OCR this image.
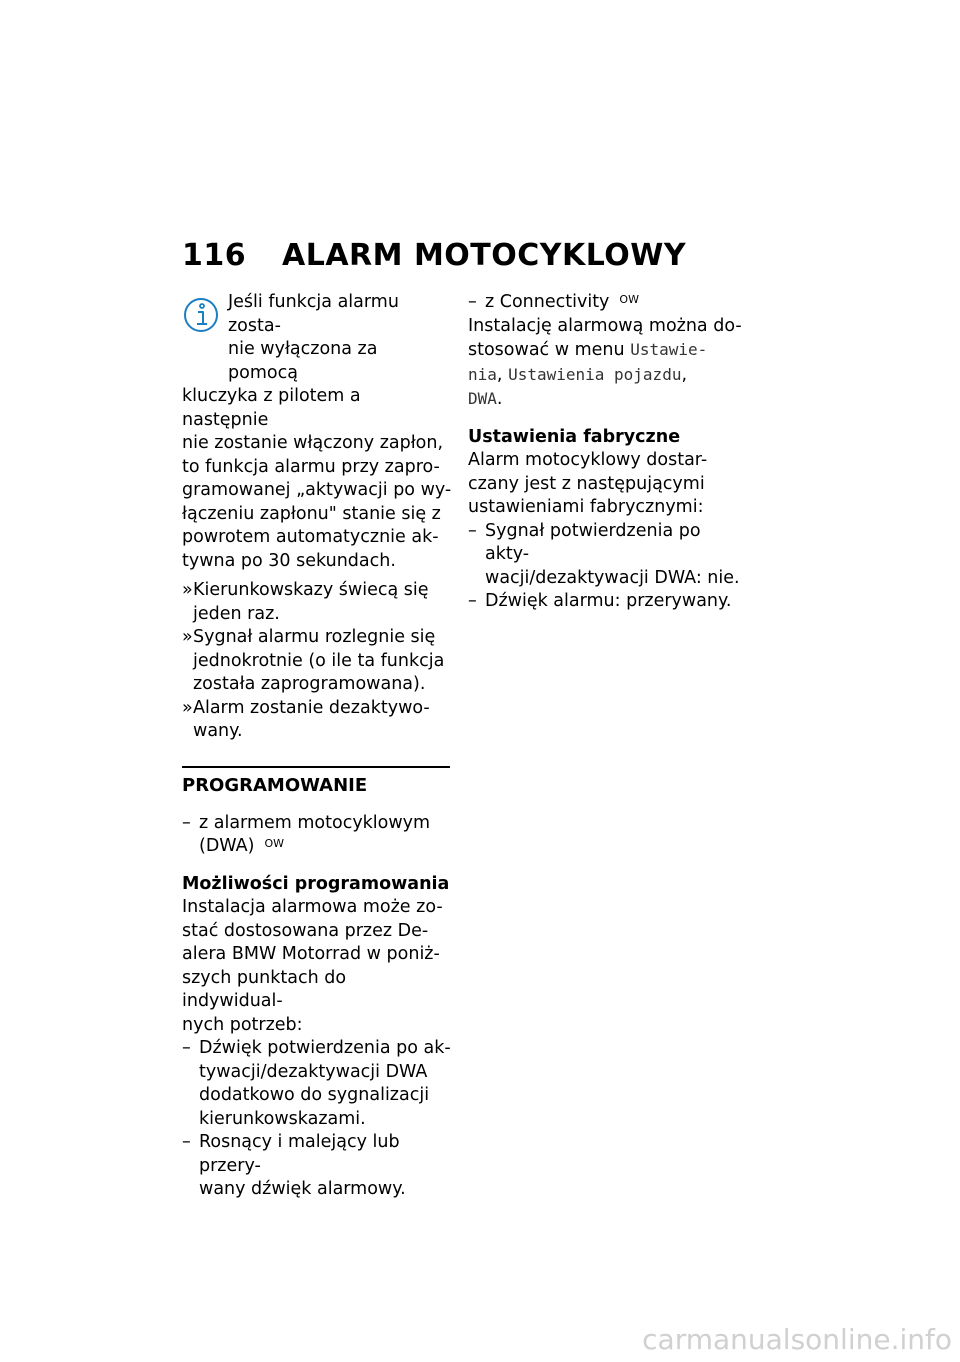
116 ALARM MOTOCYKLOWY
Jeśli funkcja alarmu zosta-
nie wyłączona za pomocą
kluczyka z pilotem a następnie
nie zostanie włączony zapłon,
to funkcja alarmu przy zapro-
gramowanej „aktywacji po wy-
łączeniu zapłonu" stanie się z
powrotem automatycznie ak-
tywna po 30 sekundach.
» Kierunkowskazy świecą się
jeden raz.
» Sygnał alarmu rozlegnie się
jednokrotnie (o ile ta funkcja
została zaprogramowana).
» Alarm zostanie dezaktywo-
wany.
PROGRAMOWANIE
– z alarmem motocyklowym
(DWA) $^{OW}$
Możliwości programowania
Instalacja alarmowa może zo-
stać dostosowana przez De-
alera BMW Motorrad w poniż-
szych punktach do indywidual-
nych potrzeb:
– Dźwięk potwierdzenia po ak-
tywacji/dezaktywacji DWA
dodatkowo do sygnalizacji
kierunkowskazami.
– Rosnący i malejący lub przery-
wany dźwięk alarmowy.
– z Connectivity $^{OW}$
Instalację alarmową można do-
stosować w menu Ustawie-
nia, Ustawienia pojazdu,
DWA.
Ustawienia fabryczne
Alarm motocyklowy dostar-
czany jest z następującymi
ustawieniami fabrycznymi:
– Sygnał potwierdzenia po akty-
wacji/dezaktywacji DWA: nie.
– Dźwięk alarmu: przerywany.
carmanualsonline.info
